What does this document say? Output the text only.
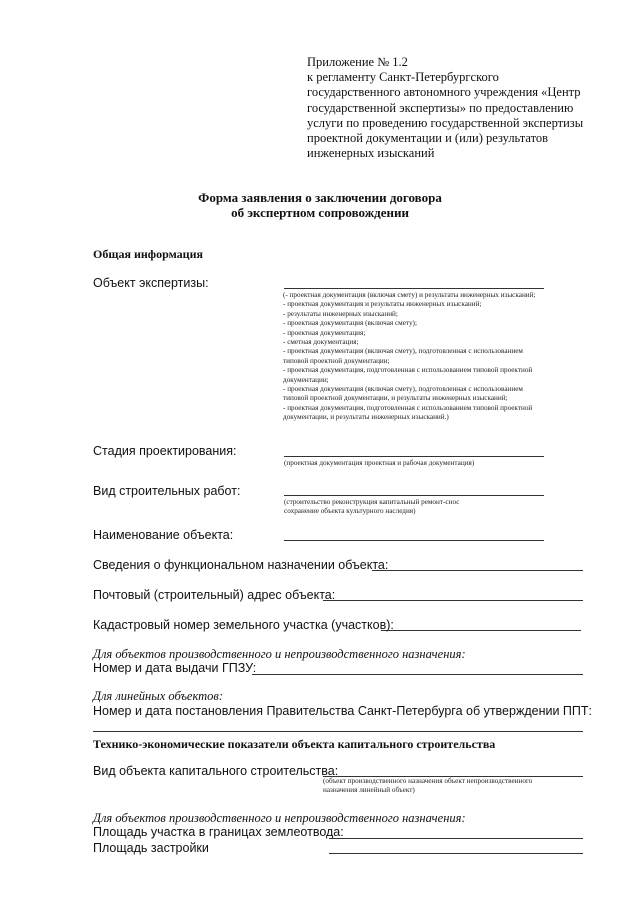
Приложение № 1.2
к регламенту Санкт-Петербургского
государственного автономного учреждения «Центр
государственной экспертизы» по предоставлению
услуги по проведению государственной экспертизы
проектной документации и (или) результатов
инженерных изысканий
Форма заявления о заключении договора
об экспертном сопровождении
Общая информация
Объект экспертизы:
(- проектная документация (включая смету) и результаты инженерных изысканий;
- проектная документация и результаты инженерных изысканий;
- результаты инженерных изысканий;
- проектная документация (включая смету);
- проектная документация;
- сметная документация;
- проектная документация (включая смету), подготовленная с использованием
типовой проектной документации;
- проектная документация, подготовленная с использованием типовой проектной
документации;
- проектная документация (включая смету), подготовленная с использованием
типовой проектной документации, и результаты инженерных изысканий;
- проектная документация, подготовленная с использованием типовой проектной
документации, и результаты инженерных изысканий.)
Стадия проектирования:
(проектная документация проектная и рабочая документация)
Вид строительных работ:
(строительство реконструкция капитальный ремонт-снос
сохранение объекта культурного наследия)
Наименование объекта:
Сведения о функциональном назначении объекта:
Почтовый (строительный) адрес объекта:
Кадастровый номер земельного участка (участков):
Для объектов производственного и непроизводственного назначения:
Номер и дата выдачи ГПЗУ:
Для линейных объектов:
Номер и дата постановления Правительства Санкт-Петербурга об утверждении ППТ:
Технико-экономические показатели объекта капитального строительства
Вид объекта капитального строительства:
(объект производственного назначения объект непроизводственного
назначения линейный объект)
Для объектов производственного и непроизводственного назначения:
Площадь участка в границах землеотвода:
Площадь застройки
